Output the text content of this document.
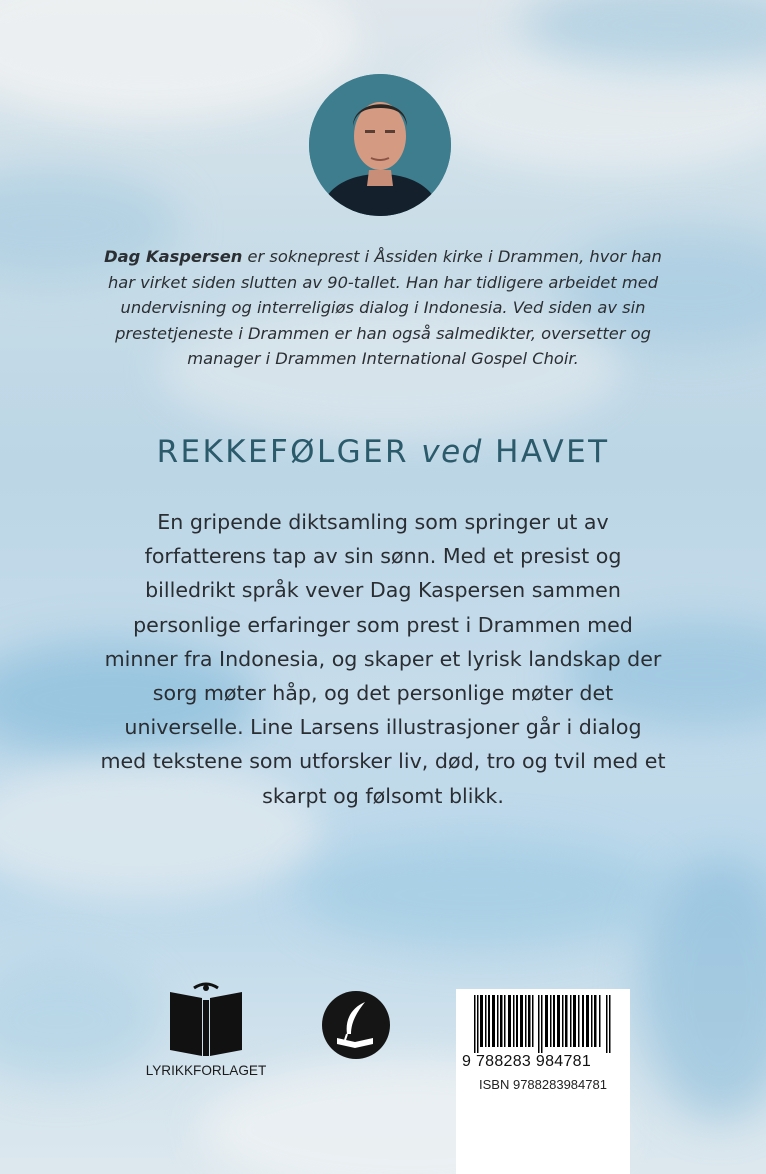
Dag Kaspersen er sokneprest i Åssiden kirke i Drammen, hvor han har virket siden slutten av 90-tallet. Han har tidligere arbeidet med undervisning og interreligiøs dialog i Indonesia. Ved siden av sin prestetjeneste i Drammen er han også salmedikter, oversetter og manager i Drammen International Gospel Choir.

REKKEFØLGER ved HAVET

En gripende diktsamling som springer ut av forfatterens tap av sin sønn. Med et presist og billedrikt språk vever Dag Kaspersen sammen personlige erfaringer som prest i Drammen med minner fra Indonesia, og skaper et lyrisk landskap der sorg møter håp, og det personlige møter det universelle. Line Larsens illustrasjoner går i dialog med tekstene som utforsker liv, død, tro og tvil med et skarpt og følsomt blikk.

LYRIKKFORLAGET
9 788283 984781
ISBN 9788283984781
